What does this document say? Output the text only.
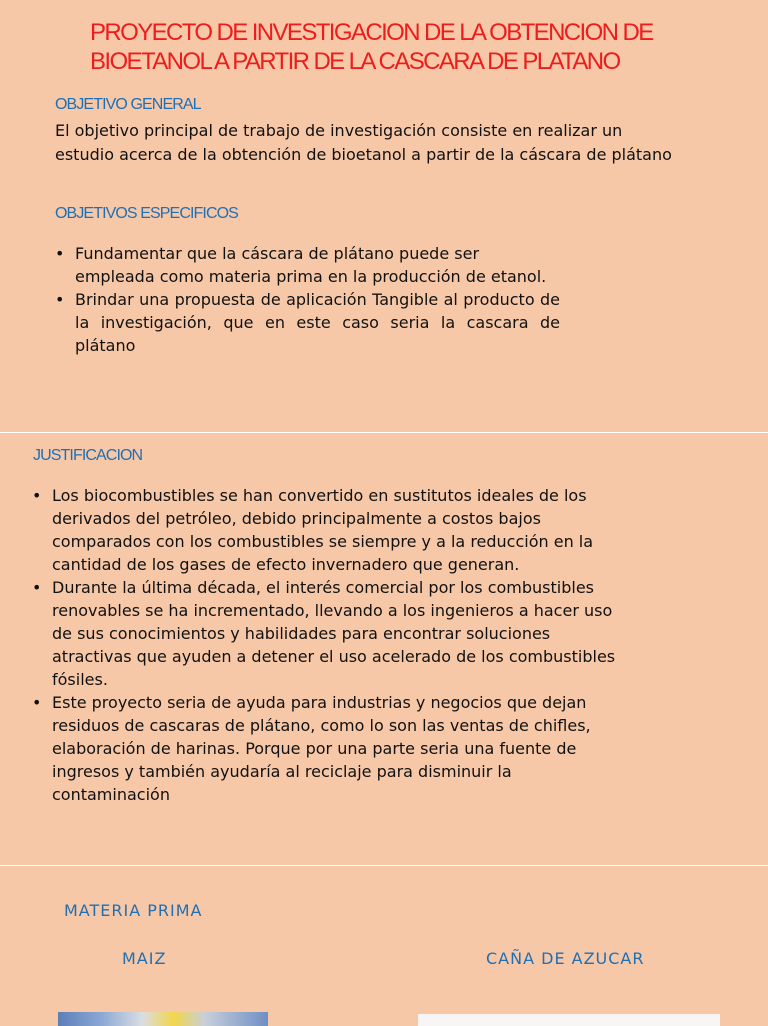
PROYECTO DE INVESTIGACION DE LA OBTENCION DE BIOETANOL A PARTIR DE LA CASCARA DE PLATANO
OBJETIVO GENERAL

El objetivo principal de trabajo de investigación consiste en realizar un estudio acerca de la obtención de bioetanol a partir de la cáscara de plátano

OBJETIVOS ESPECIFICOS
• Fundamentar que la cáscara de plátano puede ser empleada como materia prima en la producción de etanol.
• Brindar una propuesta de aplicación Tangible al producto de la investigación, que en este caso seria la cascara de plátano
JUSTIFICACION
• Los biocombustibles se han convertido en sustitutos ideales de los derivados del petróleo, debido principalmente a costos bajos comparados con los combustibles se siempre y a la reducción en la cantidad de los gases de efecto invernadero que generan.
• Durante la última década, el interés comercial por los combustibles renovables se ha incrementado, llevando a los ingenieros a hacer uso de sus conocimientos y habilidades para encontrar soluciones atractivas que ayuden a detener el uso acelerado de los combustibles fósiles.
• Este proyecto seria de ayuda para industrias y negocios que dejan residuos de cascaras de plátano, como lo son las ventas de chifles, elaboración de harinas. Porque por una parte seria una fuente de ingresos y también ayudaría al reciclaje para disminuir la contaminación
MATERIA PRIMA
MAIZ	CAÑA DE AZUCAR
